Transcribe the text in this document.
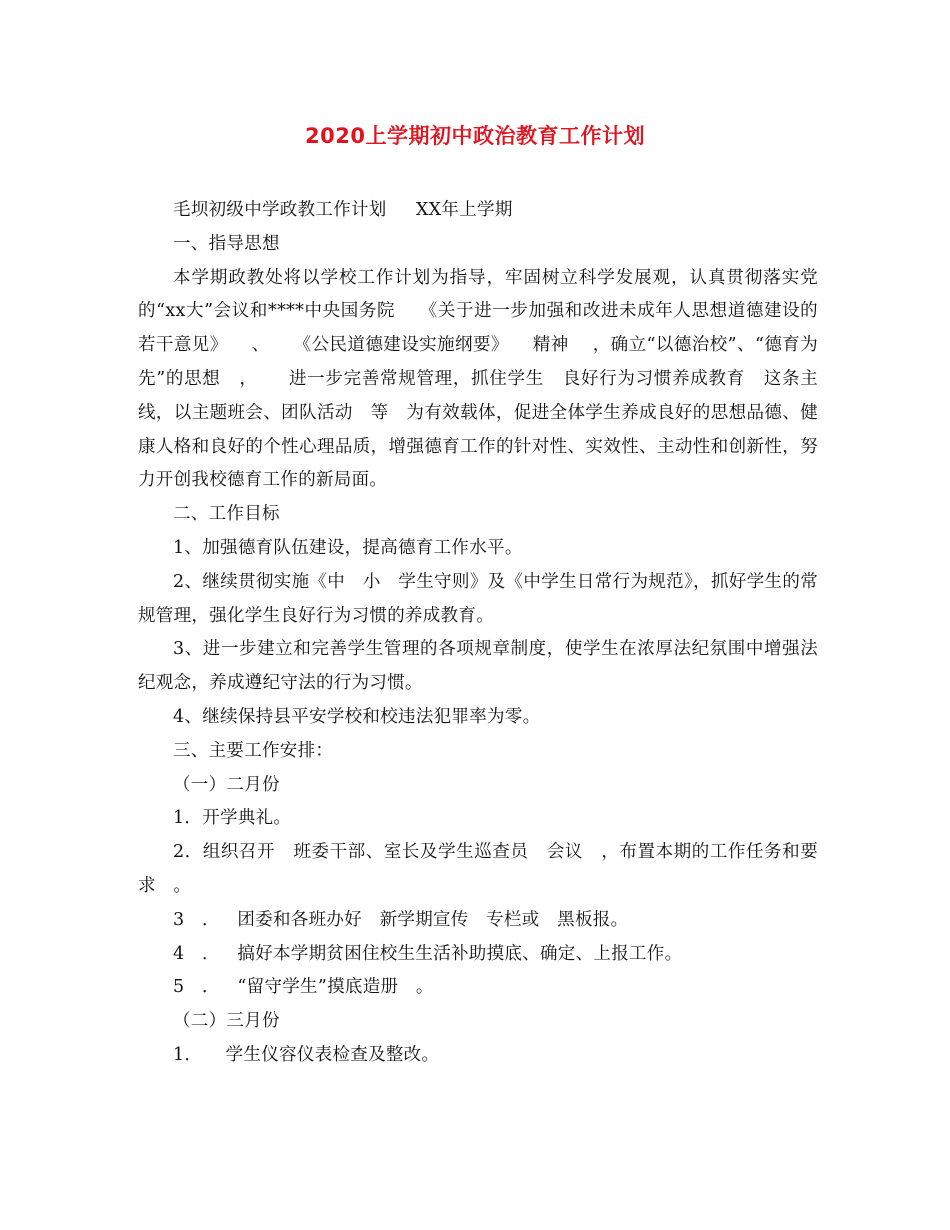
2020上学期初中政治教育工作计划

毛坝初级中学政教工作计划     XX年上学期

一、指导思想

本学期政教处将以学校工作计划为指导，牢固树立科学发展观，认真贯彻落实党的“xx大”会议和****中央国务院    《关于进一步加强和改进未成年人思想道德建设的若干意见》    、    《公民道德建设实施纲要》    精神    ，确立“以德治校”、“德育为先”的思想   ，     进一步完善常规管理，抓住学生   良好行为习惯养成教育   这条主线，以主题班会、团队活动   等   为有效载体，促进全体学生养成良好的思想品德、健康人格和良好的个性心理品质，增强德育工作的针对性、实效性、主动性和创新性，努力开创我校德育工作的新局面。

二、工作目标

1、加强德育队伍建设，提高德育工作水平。

2、继续贯彻实施《中   小   学生守则》及《中学生日常行为规范》，抓好学生的常规管理，强化学生良好行为习惯的养成教育。

3、进一步建立和完善学生管理的各项规章制度，使学生在浓厚法纪氛围中增强法纪观念，养成遵纪守法的行为习惯。

4、继续保持县平安学校和校违法犯罪率为零。

三、主要工作安排：

（一）二月份

1．开学典礼。

2．组织召开   班委干部、室长及学生巡查员   会议   ，布置本期的工作任务和要求   。

3   ．   团委和各班办好   新学期宣传   专栏或   黑板报。

4   ．   搞好本学期贫困住校生生活补助摸底、确定、上报工作。

5   ．   “留守学生”摸底造册   。

（二）三月份

1．    学生仪容仪表检查及整改。
